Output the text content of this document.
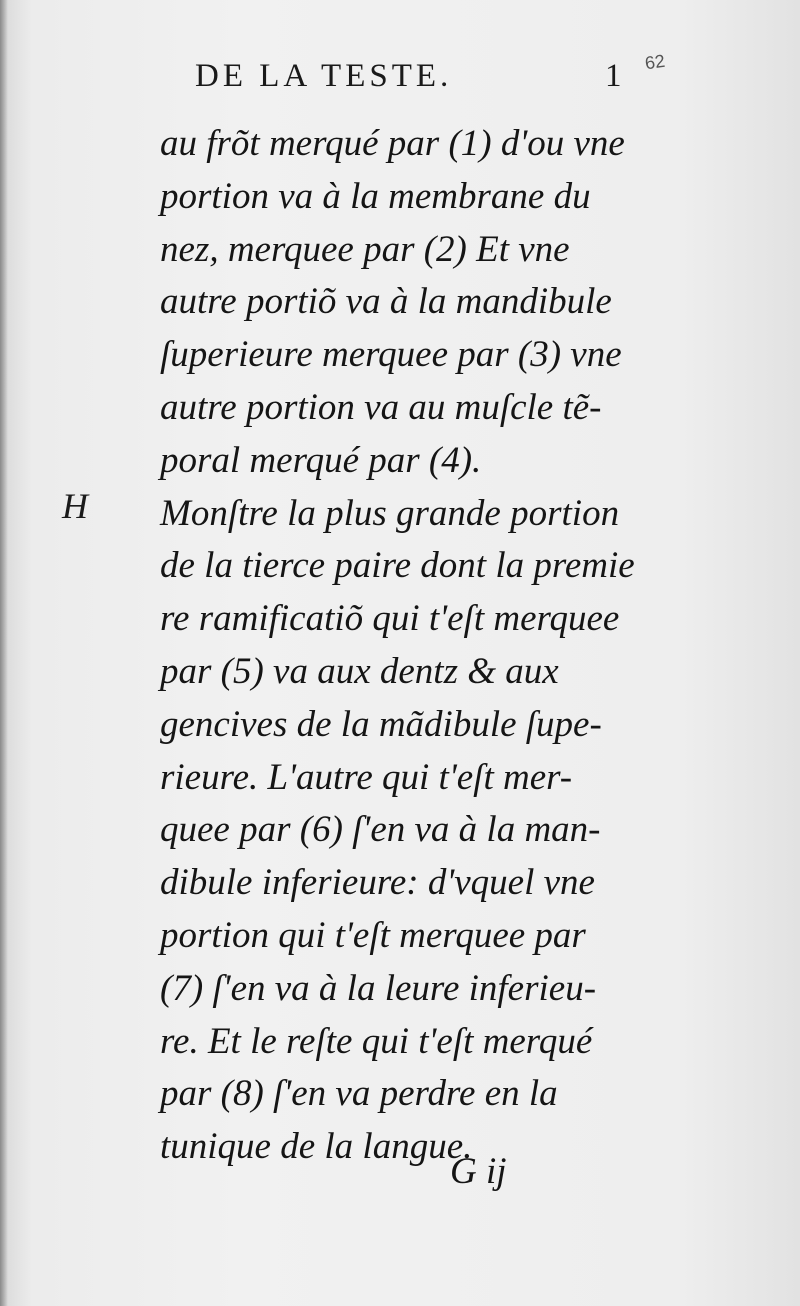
DE LA TESTE.	1 62
H
au frõt merqué par (1) d'ou vne
portion va à la membrane du
nez, merquee par (2) Et vne
autre portiõ va à la mandibule
ſuperieure merquee par (3) vne
autre portion va au muſcle tẽ-
poral merqué par (4).
Monſtre la plus grande portion
de la tierce paire dont la premie
re ramificatiõ qui t'eſt merquee
par (5) va aux dentz & aux
gencives de la mãdibule ſupe-
rieure. L'autre qui t'eſt mer-
quee par (6) ſ'en va à la man-
dibule inferieure: d'vquel vne
portion qui t'eſt merquee par
(7) ſ'en va à la leure inferieu-
re. Et le reſte qui t'eſt merqué
par (8) ſ'en va perdre en la
tunique de la langue.
G ij
